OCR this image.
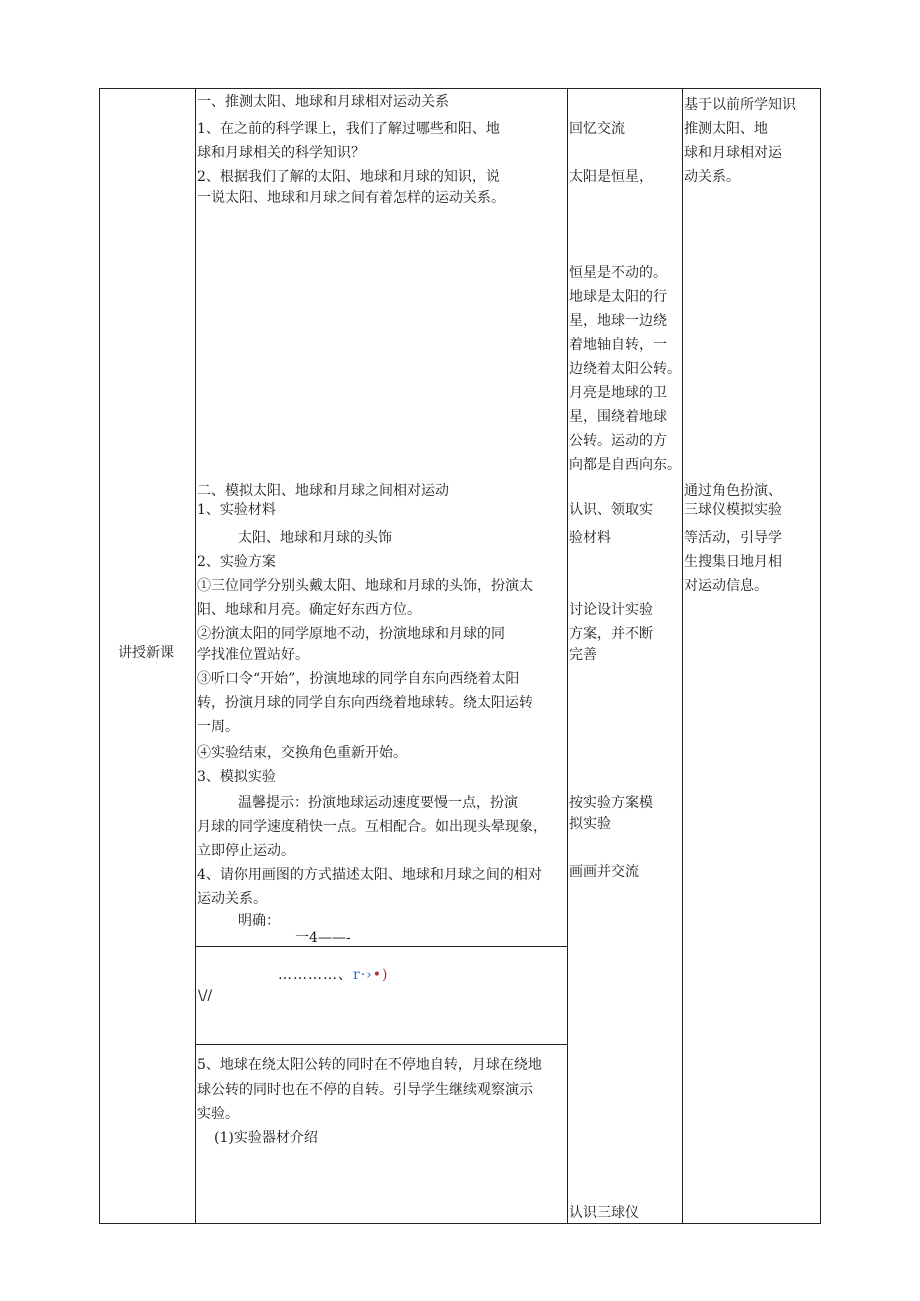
讲授新课
一、推测太阳、地球和月球相对运动关系
1、在之前的科学课上，我们了解过哪些和阳、地
球和月球相关的科学知识？
2、根据我们了解的太阳、地球和月球的知识，说
一说太阳、地球和月球之间有着怎样的运动关系。
二、模拟太阳、地球和月球之间相对运动
1、实验材料
太阳、地球和月球的头饰
2、实验方案
①三位同学分别头戴太阳、地球和月球的头饰，扮演太
阳、地球和月亮。确定好东西方位。
②扮演太阳的同学原地不动，扮演地球和月球的同
学找准位置站好。
③听口令“开始”，扮演地球的同学自东向西绕着太阳
转，扮演月球的同学自东向西绕着地球转。绕太阳运转
一周。
④实验结束，交换角色重新开始。
3、模拟实验
温馨提示：扮演地球运动速度要慢一点，扮演
月球的同学速度稍快一点。互相配合。如出现头晕现象，
立即停止运动。
4、请你用画图的方式描述太阳、地球和月球之间的相对
运动关系。
明确：
一4——-
…………、r·›•)
\//
5、地球在绕太阳公转的同时在不停地自转，月球在绕地
球公转的同时也在不停的自转。引导学生继续观察演示
实验。
(1)实验器材介绍
回忆交流
太阳是恒星，
恒星是不动的。
地球是太阳的行
星，地球一边绕
着地轴自转，一
边绕着太阳公转。
月亮是地球的卫
星，围绕着地球
公转。运动的方
向都是自西向东。
认识、领取实
验材料
讨论设计实验
方案，并不断
完善
按实验方案模
拟实验
画画并交流
认识三球仪
基于以前所学知识
推测太阳、地
球和月球相对运
动关系。
通过角色扮演、
三球仪模拟实验
等活动，引导学
生搜集日地月相
对运动信息。
